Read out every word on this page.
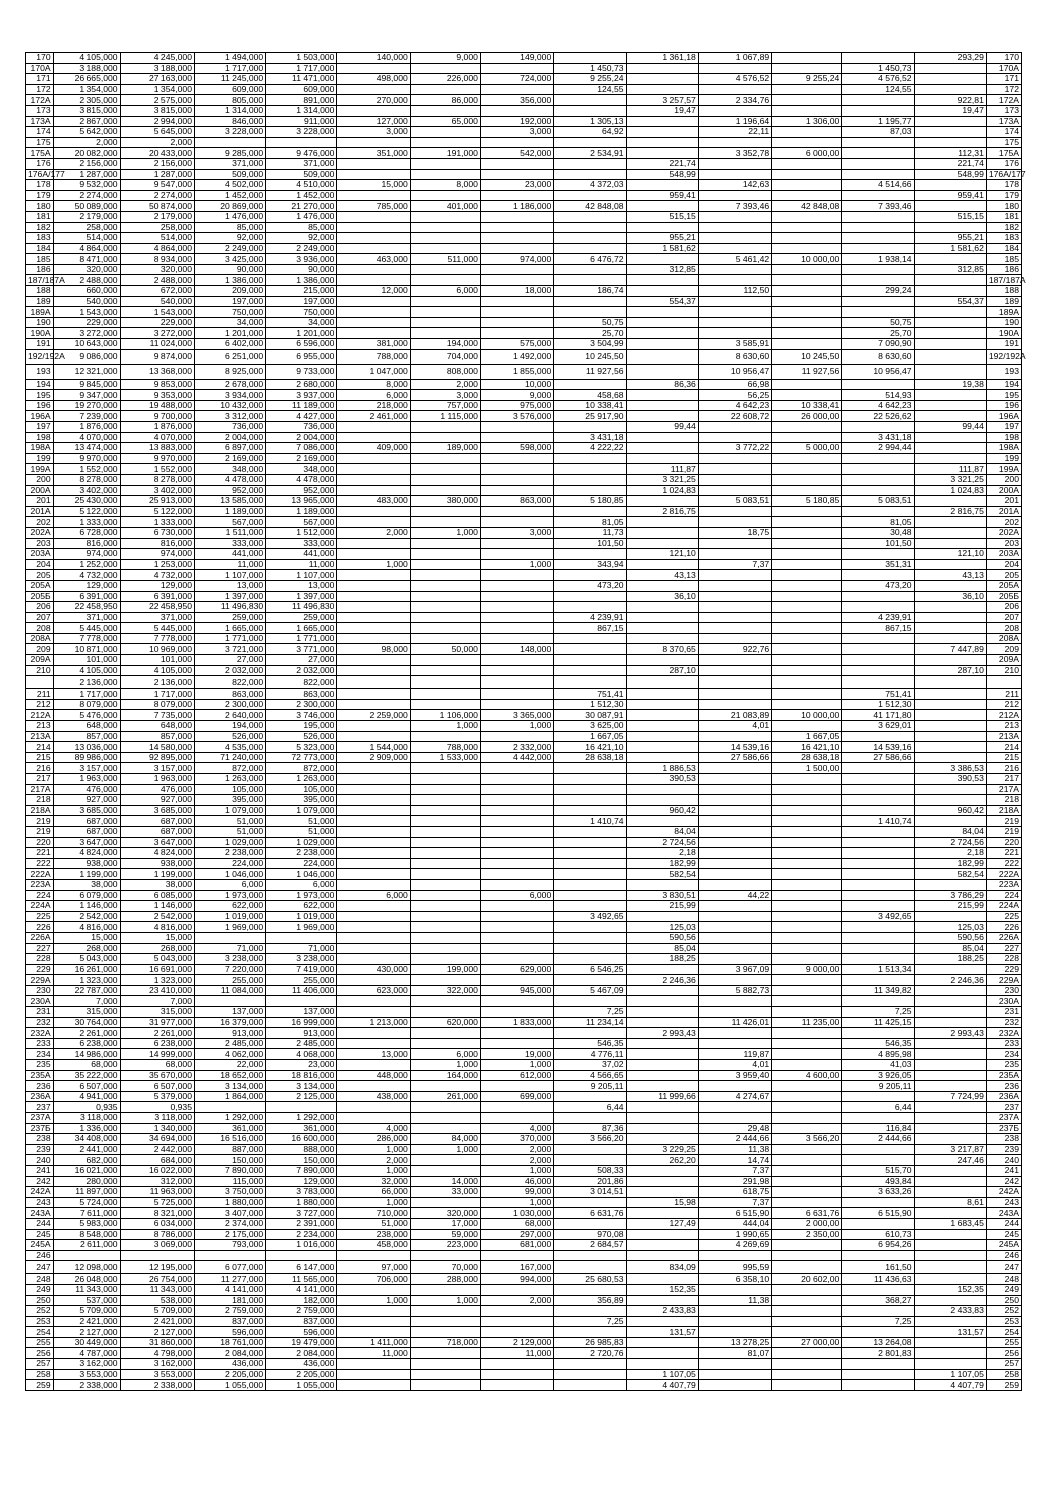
170	4 105,000	4 245,000	1 494,000	1 503,000	140,000	9,000	149,000		1 361,18	1 067,89			293,29	170
170A	3 188,000	3 188,000	1 717,000	1 717,000				1 450,73				1 450,73		170A
171	26 665,000	27 163,000	11 245,000	11 471,000	498,000	226,000	724,000	9 255,24		4 576,52	9 255,24	4 576,52		171
172	1 354,000	1 354,000	609,000	609,000				124,55				124,55		172
172A	2 305,000	2 575,000	805,000	891,000	270,000	86,000	356,000		3 257,57	2 334,76			922,81	172A
173	3 815,000	3 815,000	1 314,000	1 314,000					19,47				19,47	173
173A	2 867,000	2 994,000	846,000	911,000	127,000	65,000	192,000	1 305,13		1 196,64	1 306,00	1 195,77		173A
174	5 642,000	5 645,000	3 228,000	3 228,000	3,000		3,000	64,92		22,11		87,03		174
175	2,000	2,000												175
175A	20 082,000	20 433,000	9 285,000	9 476,000	351,000	191,000	542,000	2 534,91		3 352,78	6 000,00		112,31	175A
176	2 156,000	2 156,000	371,000	371,000					221,74				221,74	176
176A/177	1 287,000	1 287,000	509,000	509,000					548,99				548,99	176A/177
178	9 532,000	9 547,000	4 502,000	4 510,000	15,000	8,000	23,000	4 372,03		142,63		4 514,66		178
179	2 274,000	2 274,000	1 452,000	1 452,000					959,41				959,41	179
180	50 089,000	50 874,000	20 869,000	21 270,000	785,000	401,000	1 186,000	42 848,08		7 393,46	42 848,08	7 393,46		180
181	2 179,000	2 179,000	1 476,000	1 476,000					515,15				515,15	181
182	258,000	258,000	85,000	85,000										182
183	514,000	514,000	92,000	92,000					955,21				955,21	183
184	4 864,000	4 864,000	2 249,000	2 249,000					1 581,62				1 581,62	184
185	8 471,000	8 934,000	3 425,000	3 936,000	463,000	511,000	974,000	6 476,72		5 461,42	10 000,00	1 938,14		185
186	320,000	320,000	90,000	90,000					312,85				312,85	186
187/187A	2 488,000	2 488,000	1 386,000	1 386,000										187/187A
188	660,000	672,000	209,000	215,000	12,000	6,000	18,000	186,74		112,50		299,24		188
189	540,000	540,000	197,000	197,000					554,37				554,37	189
189A	1 543,000	1 543,000	750,000	750,000										189A
190	229,000	229,000	34,000	34,000				50,75				50,75		190
190A	3 272,000	3 272,000	1 201,000	1 201,000				25,70				25,70		190A
191	10 643,000	11 024,000	6 402,000	6 596,000	381,000	194,000	575,000	3 504,99		3 585,91		7 090,90		191
192/192A	9 086,000	9 874,000	6 251,000	6 955,000	788,000	704,000	1 492,000	10 245,50		8 630,60	10 245,50	8 630,60		192/192A
193	12 321,000	13 368,000	8 925,000	9 733,000	1 047,000	808,000	1 855,000	11 927,56		10 956,47	11 927,56	10 956,47		193
194	9 845,000	9 853,000	2 678,000	2 680,000	8,000	2,000	10,000		86,36	66,98			19,38	194
195	9 347,000	9 353,000	3 934,000	3 937,000	6,000	3,000	9,000	458,68		56,25		514,93		195
196	19 270,000	19 488,000	10 432,000	11 189,000	218,000	757,000	975,000	10 338,41		4 642,23	10 338,41	4 642,23		196
196A	7 239,000	9 700,000	3 312,000	4 427,000	2 461,000	1 115,000	3 576,000	25 917,90		22 608,72	26 000,00	22 526,62		196A
197	1 876,000	1 876,000	736,000	736,000					99,44				99,44	197
198	4 070,000	4 070,000	2 004,000	2 004,000				3 431,18				3 431,18		198
198A	13 474,000	13 883,000	6 897,000	7 086,000	409,000	189,000	598,000	4 222,22		3 772,22	5 000,00	2 994,44		198A
199	9 970,000	9 970,000	2 169,000	2 169,000										199
199A	1 552,000	1 552,000	348,000	348,000					111,87				111,87	199A
200	8 278,000	8 278,000	4 478,000	4 478,000					3 321,25				3 321,25	200
200A	3 402,000	3 402,000	952,000	952,000					1 024,83				1 024,83	200A
201	25 430,000	25 913,000	13 585,000	13 965,000	483,000	380,000	863,000	5 180,85		5 083,51	5 180,85	5 083,51		201
201A	5 122,000	5 122,000	1 189,000	1 189,000					2 816,75				2 816,75	201A
202	1 333,000	1 333,000	567,000	567,000				81,05				81,05		202
202A	6 728,000	6 730,000	1 511,000	1 512,000	2,000	1,000	3,000	11,73		18,75		30,48		202A
203	816,000	816,000	333,000	333,000				101,50				101,50		203
203A	974,000	974,000	441,000	441,000					121,10				121,10	203A
204	1 252,000	1 253,000	11,000	11,000	1,000		1,000	343,94		7,37		351,31		204
205	4 732,000	4 732,000	1 107,000	1 107,000					43,13				43,13	205
205A	129,000	129,000	13,000	13,000				473,20				473,20		205A
205Б	6 391,000	6 391,000	1 397,000	1 397,000					36,10				36,10	205Б
206	22 458,950	22 458,950	11 496,830	11 496,830										206
207	371,000	371,000	259,000	259,000				4 239,91				4 239,91		207
208	5 445,000	5 445,000	1 665,000	1 665,000				867,15				867,15		208
208A	7 778,000	7 778,000	1 771,000	1 771,000										208A
209	10 871,000	10 969,000	3 721,000	3 771,000	98,000	50,000	148,000		8 370,65	922,76			7 447,89	209
209A	101,000	101,000	27,000	27,000										209A
210	4 105,000	4 105,000	2 032,000	2 032,000					287,10				287,10	210
	2 136,000	2 136,000	822,000	822,000										
211	1 717,000	1 717,000	863,000	863,000				751,41				751,41		211
212	8 079,000	8 079,000	2 300,000	2 300,000				1 512,30				1 512,30		212
212A	5 476,000	7 735,000	2 640,000	3 746,000	2 259,000	1 106,000	3 365,000	30 087,91		21 083,89	10 000,00	41 171,80		212A
213	648,000	648,000	194,000	195,000		1,000	1,000	3 625,00		4,01		3 629,01		213
213A	857,000	857,000	526,000	526,000				1 667,05			1 667,05			213A
214	13 036,000	14 580,000	4 535,000	5 323,000	1 544,000	788,000	2 332,000	16 421,10		14 539,16	16 421,10	14 539,16		214
215	89 986,000	92 895,000	71 240,000	72 773,000	2 909,000	1 533,000	4 442,000	28 638,18		27 586,66	28 638,18	27 586,66		215
216	3 157,000	3 157,000	872,000	872,000					1 886,53		1 500,00		3 386,53	216
217	1 963,000	1 963,000	1 263,000	1 263,000					390,53				390,53	217
217A	476,000	476,000	105,000	105,000										217A
218	927,000	927,000	395,000	395,000										218
218A	3 685,000	3 685,000	1 079,000	1 079,000					960,42				960,42	218A
219	687,000	687,000	51,000	51,000				1 410,74				1 410,74		219
219	687,000	687,000	51,000	51,000					84,04				84,04	219
220	3 647,000	3 647,000	1 029,000	1 029,000					2 724,56				2 724,56	220
221	4 824,000	4 824,000	2 238,000	2 238,000					2,18				2,18	221
222	938,000	938,000	224,000	224,000					182,99				182,99	222
222A	1 199,000	1 199,000	1 046,000	1 046,000					582,54				582,54	222A
223A	38,000	38,000	6,000	6,000										223A
224	6 079,000	6 085,000	1 973,000	1 973,000	6,000		6,000		3 830,51	44,22			3 786,29	224
224A	1 146,000	1 146,000	622,000	622,000					215,99				215,99	224A
225	2 542,000	2 542,000	1 019,000	1 019,000				3 492,65				3 492,65		225
226	4 816,000	4 816,000	1 969,000	1 969,000					125,03				125,03	226
226A	15,000	15,000							590,56				590,56	226A
227	268,000	268,000	71,000	71,000					85,04				85,04	227
228	5 043,000	5 043,000	3 238,000	3 238,000					188,25				188,25	228
229	16 261,000	16 691,000	7 220,000	7 419,000	430,000	199,000	629,000	6 546,25		3 967,09	9 000,00	1 513,34		229
229A	1 323,000	1 323,000	255,000	255,000					2 246,36				2 246,36	229A
230	22 787,000	23 410,000	11 084,000	11 406,000	623,000	322,000	945,000	5 467,09		5 882,73		11 349,82		230
230A	7,000	7,000												230A
231	315,000	315,000	137,000	137,000				7,25				7,25		231
232	30 764,000	31 977,000	16 379,000	16 999,000	1 213,000	620,000	1 833,000	11 234,14		11 426,01	11 235,00	11 425,15		232
232A	2 261,000	2 261,000	913,000	913,000					2 993,43				2 993,43	232A
233	6 238,000	6 238,000	2 485,000	2 485,000				546,35				546,35		233
234	14 986,000	14 999,000	4 062,000	4 068,000	13,000	6,000	19,000	4 776,11		119,87		4 895,98		234
235	68,000	68,000	22,000	23,000		1,000	1,000	37,02		4,01		41,03		235
235A	35 222,000	35 670,000	18 652,000	18 816,000	448,000	164,000	612,000	4 566,65		3 959,40	4 600,00	3 926,05		235A
236	6 507,000	6 507,000	3 134,000	3 134,000				9 205,11				9 205,11		236
236A	4 941,000	5 379,000	1 864,000	2 125,000	438,000	261,000	699,000		11 999,66	4 274,67			7 724,99	236A
237	0,935	0,935						6,44				6,44		237
237A	3 118,000	3 118,000	1 292,000	1 292,000										237A
237Б	1 336,000	1 340,000	361,000	361,000	4,000		4,000	87,36		29,48		116,84		237Б
238	34 408,000	34 694,000	16 516,000	16 600,000	286,000	84,000	370,000	3 566,20		2 444,66	3 566,20	2 444,66		238
239	2 441,000	2 442,000	887,000	888,000	1,000	1,000	2,000		3 229,25	11,38			3 217,87	239
240	682,000	684,000	150,000	150,000	2,000		2,000		262,20	14,74			247,46	240
241	16 021,000	16 022,000	7 890,000	7 890,000	1,000		1,000	508,33		7,37		515,70		241
242	280,000	312,000	115,000	129,000	32,000	14,000	46,000	201,86		291,98		493,84		242
242A	11 897,000	11 963,000	3 750,000	3 783,000	66,000	33,000	99,000	3 014,51		618,75		3 633,26		242A
243	5 724,000	5 725,000	1 880,000	1 880,000	1,000		1,000		15,98	7,37			8,61	243
243A	7 611,000	8 321,000	3 407,000	3 727,000	710,000	320,000	1 030,000	6 631,76		6 515,90	6 631,76	6 515,90		243A
244	5 983,000	6 034,000	2 374,000	2 391,000	51,000	17,000	68,000		127,49	444,04	2 000,00		1 683,45	244
245	8 548,000	8 786,000	2 175,000	2 234,000	238,000	59,000	297,000	970,08		1 990,65	2 350,00	610,73		245
245A	2 611,000	3 069,000	793,000	1 016,000	458,000	223,000	681,000	2 684,57		4 269,69		6 954,26		245A
246														246
247	12 098,000	12 195,000	6 077,000	6 147,000	97,000	70,000	167,000		834,09	995,59		161,50		247
248	26 048,000	26 754,000	11 277,000	11 565,000	706,000	288,000	994,000	25 680,53		6 358,10	20 602,00	11 436,63		248
249	11 343,000	11 343,000	4 141,000	4 141,000					152,35				152,35	249
250	537,000	538,000	181,000	182,000	1,000	1,000	2,000	356,89		11,38		368,27		250
252	5 709,000	5 709,000	2 759,000	2 759,000					2 433,83				2 433,83	252
253	2 421,000	2 421,000	837,000	837,000				7,25				7,25		253
254	2 127,000	2 127,000	596,000	596,000					131,57				131,57	254
255	30 449,000	31 860,000	18 761,000	19 479,000	1 411,000	718,000	2 129,000	26 985,83		13 278,25	27 000,00	13 264,08		255
256	4 787,000	4 798,000	2 084,000	2 084,000	11,000		11,000	2 720,76		81,07		2 801,83		256
257	3 162,000	3 162,000	436,000	436,000										257
258	3 553,000	3 553,000	2 205,000	2 205,000					1 107,05				1 107,05	258
259	2 338,000	2 338,000	1 055,000	1 055,000					4 407,79				4 407,79	259
